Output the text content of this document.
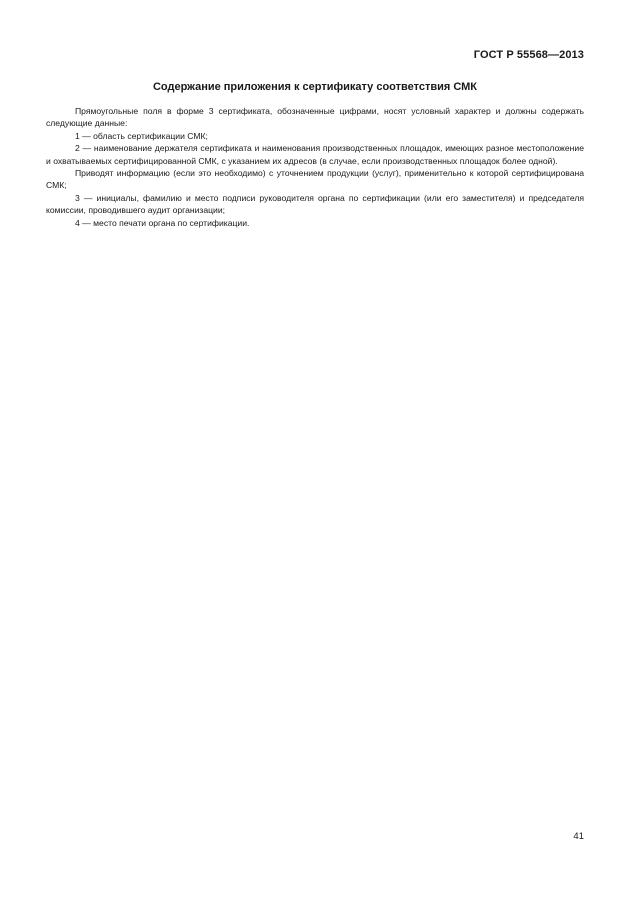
ГОСТ Р 55568—2013
Содержание приложения к сертификату соответствия СМК

Прямоугольные поля в форме 3 сертификата, обозначенные цифрами, носят условный характер и должны содержать следующие данные:

1 — область сертификации СМК;

2 — наименование держателя сертификата и наименования производственных площадок, имеющих разное местоположение и охватываемых сертифицированной СМК, с указанием их адресов (в случае, если производственных площадок более одной).

Приводят информацию (если это необходимо) с уточнением продукции (услуг), применительно к которой сертифицирована СМК;

3 — инициалы, фамилию и место подписи руководителя органа по сертификации (или его заместителя) и председателя комиссии, проводившего аудит организации;

4 — место печати органа по сертификации.

41
